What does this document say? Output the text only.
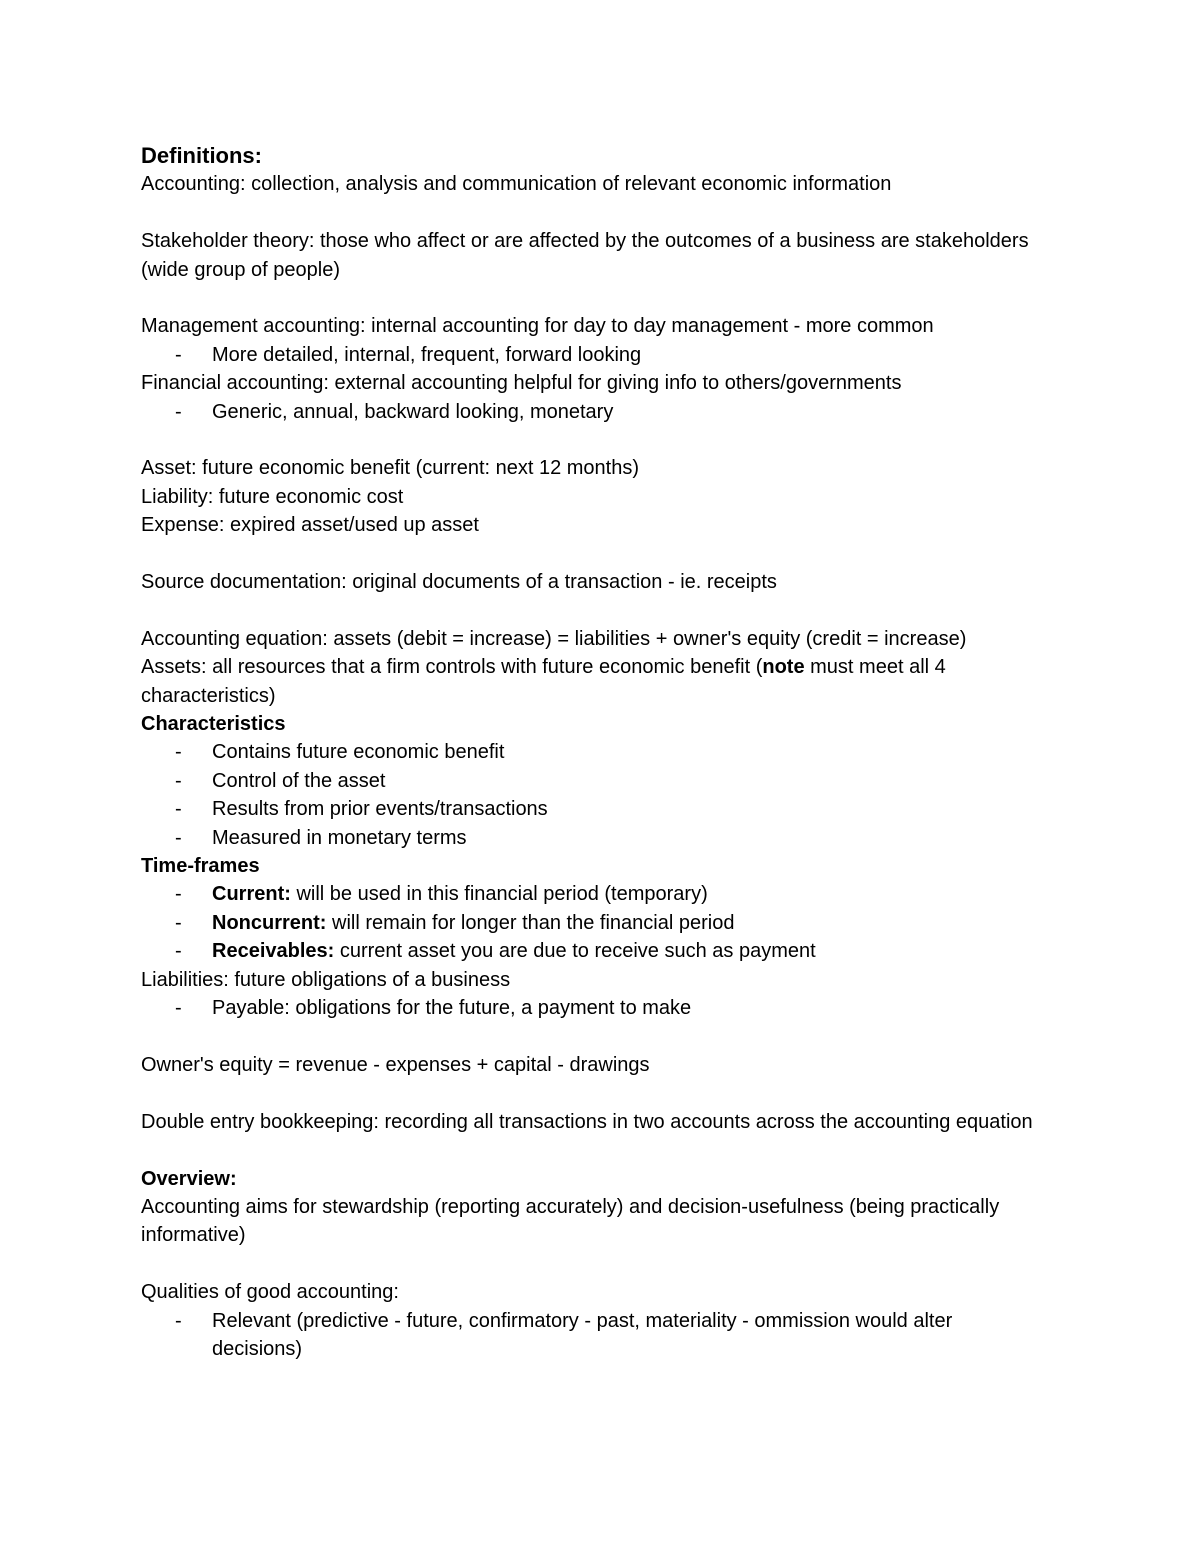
Definitions:

Accounting: collection, analysis and communication of relevant economic information

Stakeholder theory: those who affect or are affected by the outcomes of a business are stakeholders (wide group of people)

Management accounting: internal accounting for day to day management - more common

- More detailed, internal, frequent, forward looking

Financial accounting: external accounting helpful for giving info to others/governments

- Generic, annual, backward looking, monetary

Asset: future economic benefit (current: next 12 months)

Liability: future economic cost

Expense: expired asset/used up asset

Source documentation: original documents of a transaction - ie. receipts

Accounting equation: assets (debit = increase) = liabilities + owner's equity (credit = increase)

Assets: all resources that a firm controls with future economic benefit (note must meet all 4 characteristics)

Characteristics

- Contains future economic benefit

- Control of the asset

- Results from prior events/transactions

- Measured in monetary terms

Time-frames

- Current: will be used in this financial period (temporary)

- Noncurrent: will remain for longer than the financial period

- Receivables: current asset you are due to receive such as payment

Liabilities: future obligations of a business

- Payable: obligations for the future, a payment to make

Owner's equity = revenue - expenses + capital - drawings

Double entry bookkeeping: recording all transactions in two accounts across the accounting equation

Overview:

Accounting aims for stewardship (reporting accurately) and decision-usefulness (being practically informative)

Qualities of good accounting:

- Relevant (predictive - future, confirmatory - past, materiality - ommission would alter decisions)
